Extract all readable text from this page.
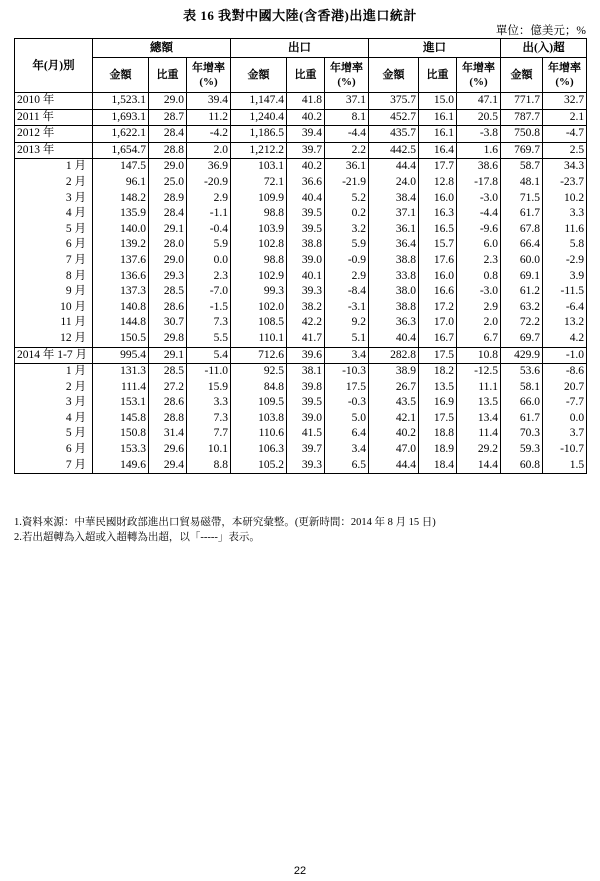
表 16 我對中國大陸(含香港)出進口統計
單位：億美元；%
年(月)別	總額			出口			進口			出(入)超	
	金額	比重	年增率 (%)	金額	比重	年增率 (%)	金額	比重	年增率 (%)	金額	年增率 (%)
2010 年	1,523.1	29.0	39.4	1,147.4	41.8	37.1	375.7	15.0	47.1	771.7	32.7
2011 年	1,693.1	28.7	11.2	1,240.4	40.2	8.1	452.7	16.1	20.5	787.7	2.1
2012 年	1,622.1	28.4	-4.2	1,186.5	39.4	-4.4	435.7	16.1	-3.8	750.8	-4.7
2013 年	1,654.7	28.8	2.0	1,212.2	39.7	2.2	442.5	16.4	1.6	769.7	2.5
1 月	147.5	29.0	36.9	103.1	40.2	36.1	44.4	17.7	38.6	58.7	34.3
2 月	96.1	25.0	-20.9	72.1	36.6	-21.9	24.0	12.8	-17.8	48.1	-23.7
3 月	148.2	28.9	2.9	109.9	40.4	5.2	38.4	16.0	-3.0	71.5	10.2
4 月	135.9	28.4	-1.1	98.8	39.5	0.2	37.1	16.3	-4.4	61.7	3.3
5 月	140.0	29.1	-0.4	103.9	39.5	3.2	36.1	16.5	-9.6	67.8	11.6
6 月	139.2	28.0	5.9	102.8	38.8	5.9	36.4	15.7	6.0	66.4	5.8
7 月	137.6	29.0	0.0	98.8	39.0	-0.9	38.8	17.6	2.3	60.0	-2.9
8 月	136.6	29.3	2.3	102.9	40.1	2.9	33.8	16.0	0.8	69.1	3.9
9 月	137.3	28.5	-7.0	99.3	39.3	-8.4	38.0	16.6	-3.0	61.2	-11.5
10 月	140.8	28.6	-1.5	102.0	38.2	-3.1	38.8	17.2	2.9	63.2	-6.4
11 月	144.8	30.7	7.3	108.5	42.2	9.2	36.3	17.0	2.0	72.2	13.2
12 月	150.5	29.8	5.5	110.1	41.7	5.1	40.4	16.7	6.7	69.7	4.2
2014 年 1-7 月	995.4	29.1	5.4	712.6	39.6	3.4	282.8	17.5	10.8	429.9	-1.0
1 月	131.3	28.5	-11.0	92.5	38.1	-10.3	38.9	18.2	-12.5	53.6	-8.6
2 月	111.4	27.2	15.9	84.8	39.8	17.5	26.7	13.5	11.1	58.1	20.7
3 月	153.1	28.6	3.3	109.5	39.5	-0.3	43.5	16.9	13.5	66.0	-7.7
4 月	145.8	28.8	7.3	103.8	39.0	5.0	42.1	17.5	13.4	61.7	0.0
5 月	150.8	31.4	7.7	110.6	41.5	6.4	40.2	18.8	11.4	70.3	3.7
6 月	153.3	29.6	10.1	106.3	39.7	3.4	47.0	18.9	29.2	59.3	-10.7
7 月	149.6	29.4	8.8	105.2	39.3	6.5	44.4	18.4	14.4	60.8	1.5
1.資料來源：中華民國財政部進出口貿易磁帶，本研究彙整。(更新時間：2014 年 8 月 15 日)
2.若出超轉為入超或入超轉為出超，以「-----」表示。
22
